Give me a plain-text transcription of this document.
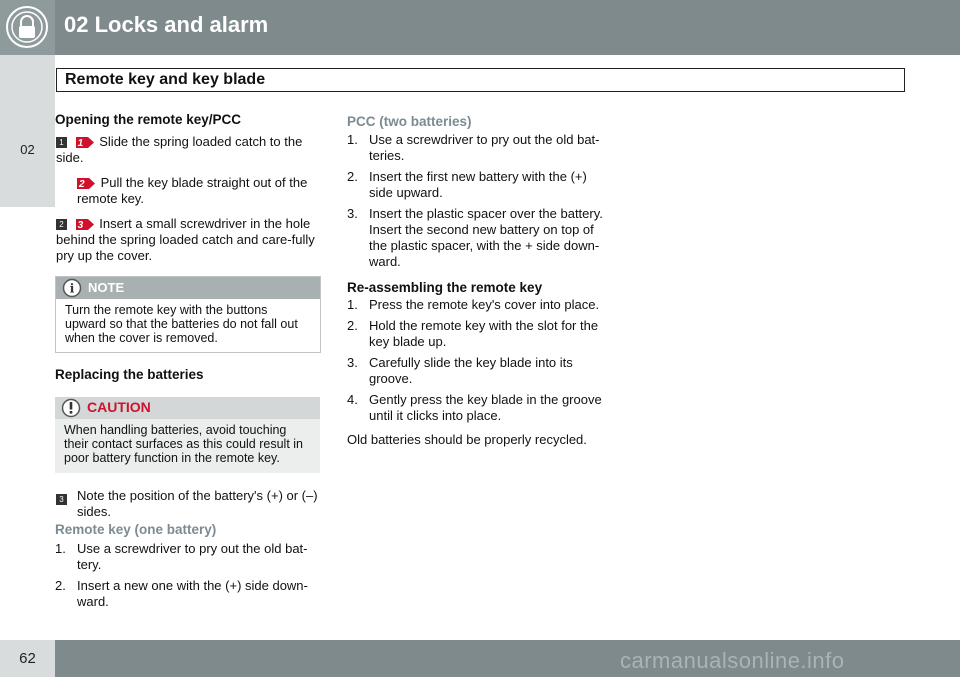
02 Locks and alarm
02
Remote key and key blade
Opening the remote key/PCC
1 1 Slide the spring loaded catch to the side.
2 Pull the key blade straight out of the remote key.
2 3 Insert a small screwdriver in the hole behind the spring loaded catch and care-fully pry up the cover.
i NOTE
Turn the remote key with the buttons upward so that the batteries do not fall out when the cover is removed.
Replacing the batteries
CAUTION
When handling batteries, avoid touching their contact surfaces as this could result in poor battery function in the remote key.
3	Note the position of the battery's (+) or (–) sides.
Remote key (one battery)
1. Use a screwdriver to pry out the old bat-tery.
2. Insert a new one with the (+) side down-ward.
PCC (two batteries)
1. Use a screwdriver to pry out the old bat-teries.
2. Insert the first new battery with the (+) side upward.
3. Insert the plastic spacer over the battery. Insert the second new battery on top of the plastic spacer, with the + side down-ward.
Re-assembling the remote key
1. Press the remote key's cover into place.
2. Hold the remote key with the slot for the key blade up.
3. Carefully slide the key blade into its groove.
4. Gently press the key blade in the groove until it clicks into place.

Old batteries should be properly recycled.

62	carmanualsonline.info
